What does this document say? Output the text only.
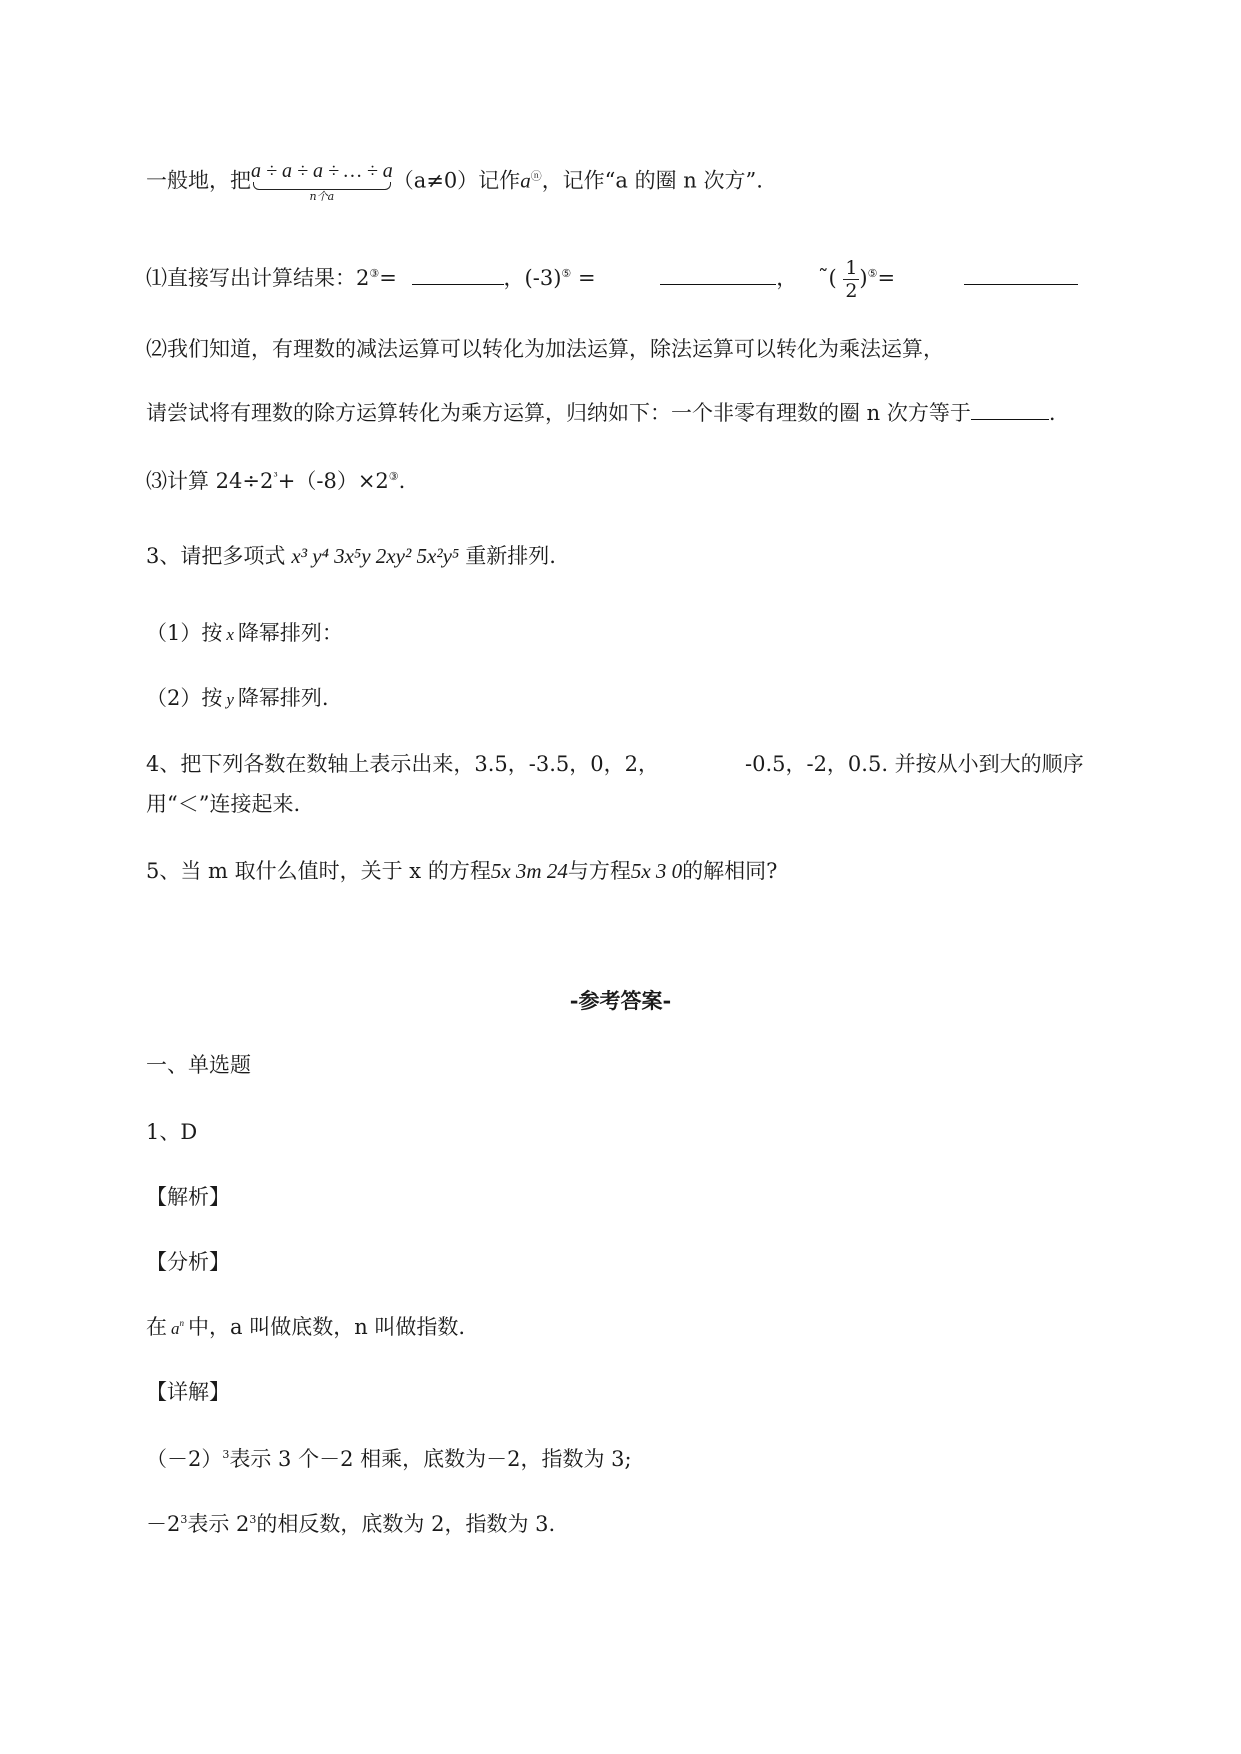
一般地，把 a ÷ a ÷ a ÷ … ÷ a
n个a
（a≠0）记作aⓝ，记作“a 的圈 n 次方”.
⑴直接写出计算结果：2③=	，(-3)⑤ =	， ˜( $\frac{1}{2} )^⑤=$
⑵我们知道，有理数的减法运算可以转化为加法运算，除法运算可以转化为乘法运算，
请尝试将有理数的除方运算转化为乘方运算，归纳如下：一个非零有理数的圈 n 次方等于	.
⑶计算 $24\div 2^{^3}+(-8)\times 2^③$.
3、请把多项式 x³ y⁴ 3x⁵y 2xy² 5x²y⁵ 重新排列.
（1）按 x 降幂排列：
（2）按 y 降幂排列.
4、把下列各数在数轴上表示出来，3.5，-3.5，0，2，	-0.5，-2，0.5. 并按从小到大的顺序
用“＜”连接起来.
5、当 m 取什么值时，关于 x 的方程5x 3m 24与方程5x 3 0的解相同?
-参考答案-
一、单选题
1、D
【解析】
【分析】
在 $a^n$ 中，a 叫做底数，n 叫做指数.
【详解】
$(-2)^3$表示 3 个－2 相乘，底数为－2，指数为 3;
$-2^3$表示 $2^3$的相反数，底数为 2，指数为 3.
